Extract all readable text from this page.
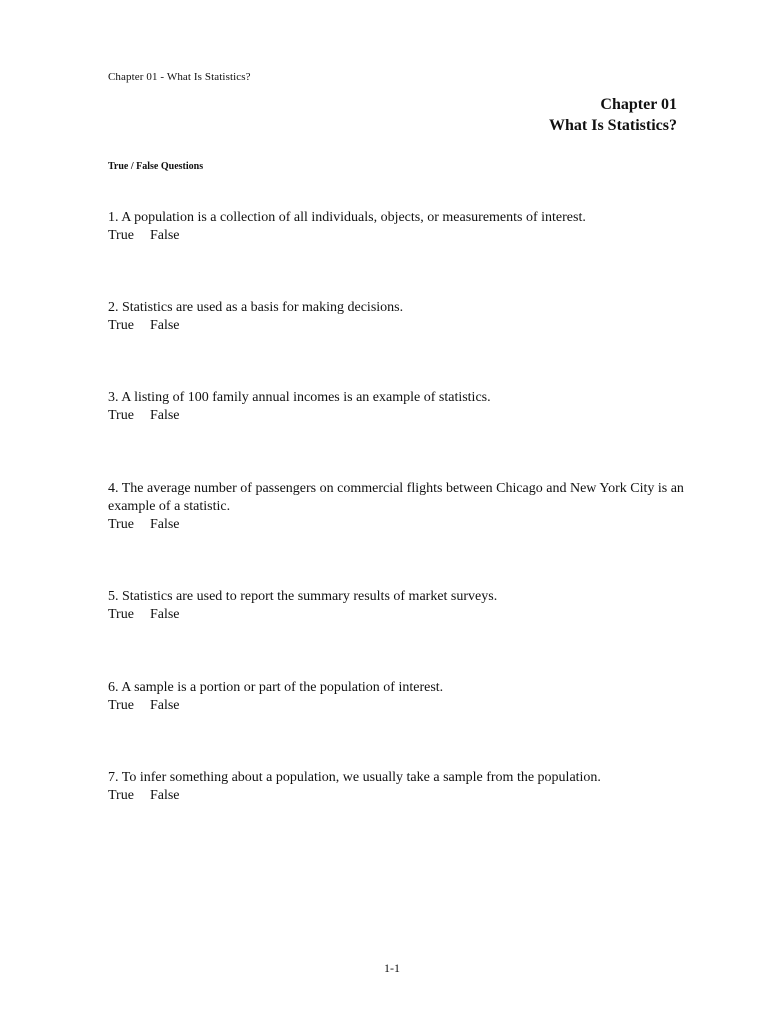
Chapter 01 - What Is Statistics?
Chapter 01
What Is Statistics?
True / False Questions
1. A population is a collection of all individuals, objects, or measurements of interest.
True False
2. Statistics are used as a basis for making decisions.
True False
3. A listing of 100 family annual incomes is an example of statistics.
True False
4. The average number of passengers on commercial flights between Chicago and New York City is an example of a statistic.
True False
5. Statistics are used to report the summary results of market surveys.
True False
6. A sample is a portion or part of the population of interest.
True False
7. To infer something about a population, we usually take a sample from the population.
True False
1-1
